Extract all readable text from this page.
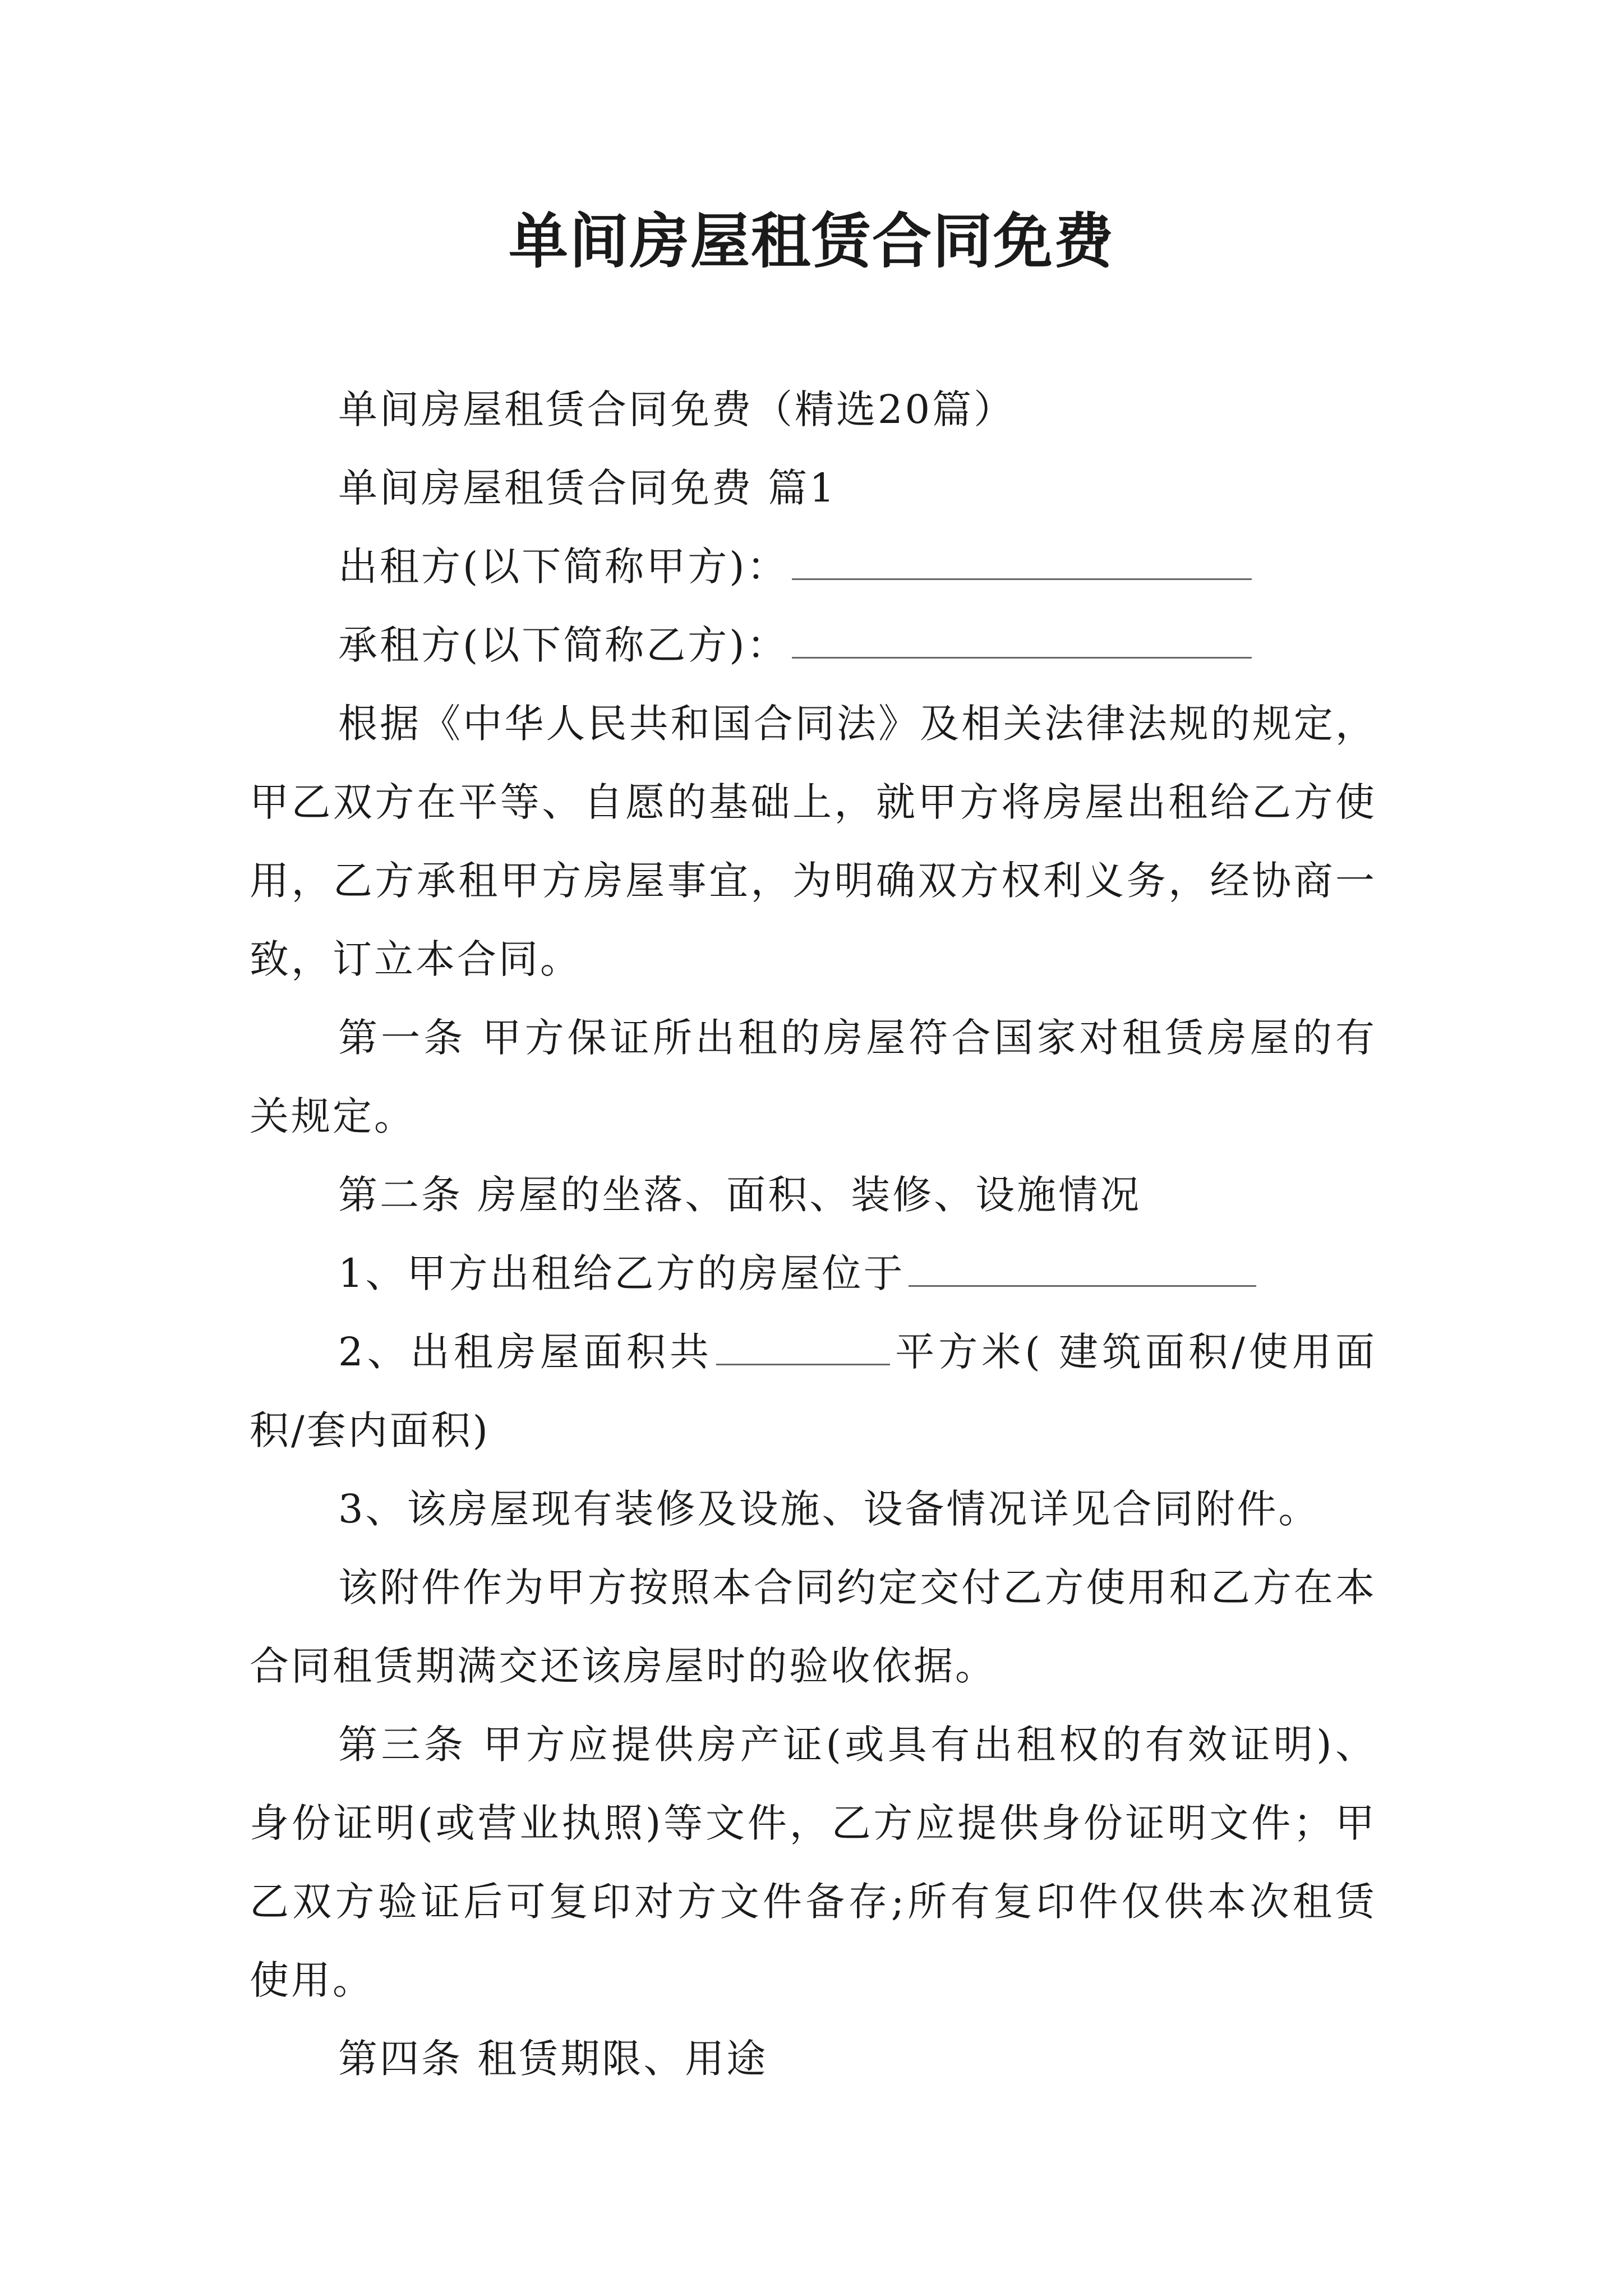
单间房屋租赁合同免费

单间房屋租赁合同免费（精选20篇）

单间房屋租赁合同免费 篇1

出租方(以下简称甲方)：

承租方(以下简称乙方)：

根据《中华人民共和国合同法》及相关法律法规的规定，甲乙双方在平等、自愿的基础上，就甲方将房屋出租给乙方使用，乙方承租甲方房屋事宜，为明确双方权利义务，经协商一致，订立本合同。

第一条 甲方保证所出租的房屋符合国家对租赁房屋的有关规定。

第二条 房屋的坐落、面积、装修、设施情况

1、甲方出租给乙方的房屋位于

2、出租房屋面积共	平方米( 建筑面积/使用面积/套内面积)

3、该房屋现有装修及设施、设备情况详见合同附件。

该附件作为甲方按照本合同约定交付乙方使用和乙方在本合同租赁期满交还该房屋时的验收依据。

第三条 甲方应提供房产证(或具有出租权的有效证明)、身份证明(或营业执照)等文件，乙方应提供身份证明文件；甲乙双方验证后可复印对方文件备存;所有复印件仅供本次租赁使用。

第四条 租赁期限、用途
